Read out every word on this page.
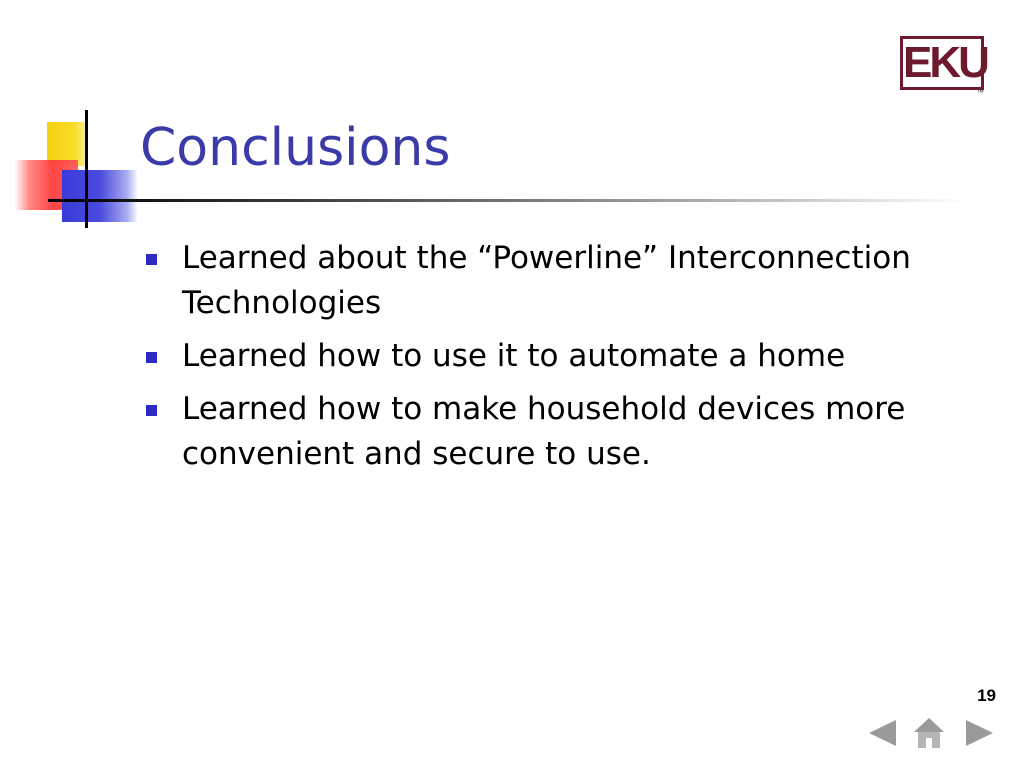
EKU
™
Conclusions
Learned about the “Powerline” Interconnection Technologies
Learned how to use it to automate a home
Learned how to make household devices more convenient and secure to use.
19
